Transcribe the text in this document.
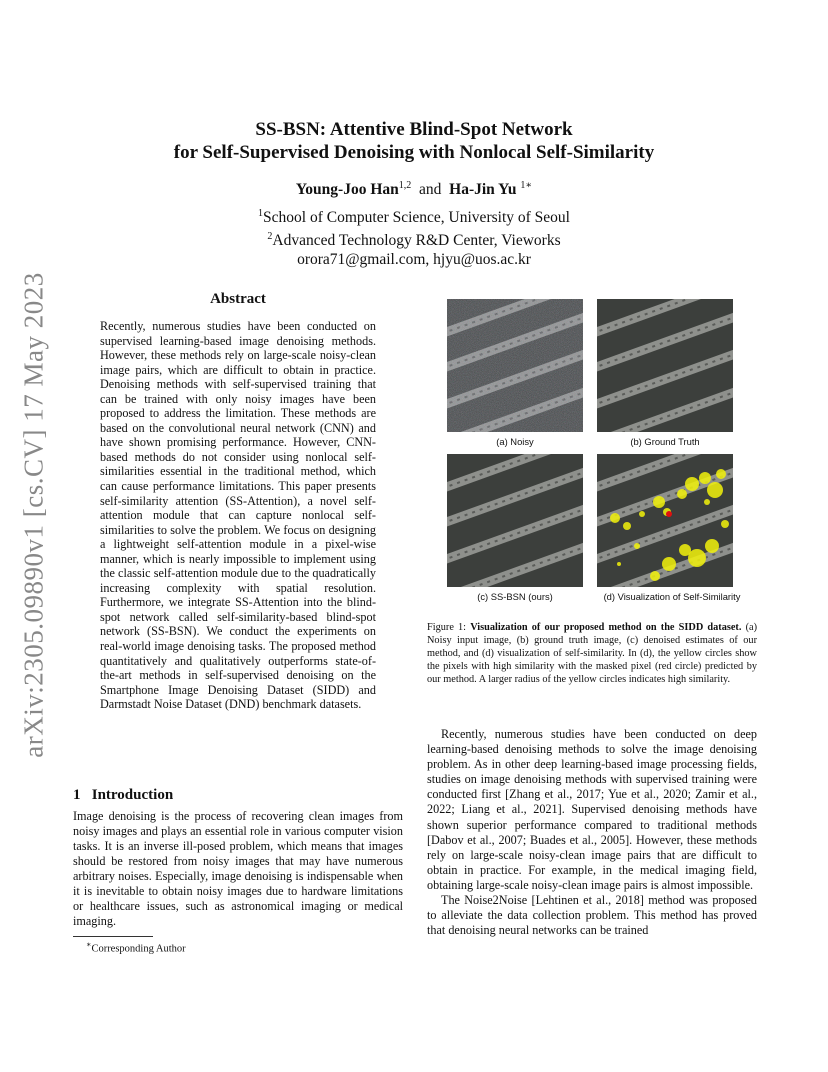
arXiv:2305.09890v1 [cs.CV] 17 May 2023
SS-BSN: Attentive Blind-Spot Network
for Self-Supervised Denoising with Nonlocal Self-Similarity
Young-Joo Han$^{1,2}$ and Ha-Jin Yu $^{1∗}$
$^1$School of Computer Science, University of Seoul
$^2$Advanced Technology R&D Center, Vieworks
orora71@gmail.com, hjyu@uos.ac.kr
Abstract
Recently, numerous studies have been conducted on supervised learning-based image denoising methods. However, these methods rely on large-scale noisy-clean image pairs, which are difficult to obtain in practice. Denoising methods with self-supervised training that can be trained with only noisy images have been proposed to address the limitation. These methods are based on the convolutional neural network (CNN) and have shown promising performance. However, CNN-based methods do not consider using nonlocal self-similarities essential in the traditional method, which can cause performance limitations. This paper presents self-similarity attention (SS-Attention), a novel self-attention module that can capture nonlocal self-similarities to solve the problem. We focus on designing a lightweight self-attention module in a pixel-wise manner, which is nearly impossible to implement using the classic self-attention module due to the quadratically increasing complexity with spatial resolution. Furthermore, we integrate SS-Attention into the blind-spot network called self-similarity-based blind-spot network (SS-BSN). We conduct the experiments on real-world image denoising tasks. The proposed method quantitatively and qualitatively outperforms state-of-the-art methods in self-supervised denoising on the Smartphone Image Denoising Dataset (SIDD) and Darmstadt Noise Dataset (DND) benchmark datasets.
1 Introduction
Image denoising is the process of recovering clean images from noisy images and plays an essential role in various computer vision tasks. It is an inverse ill-posed problem, which means that images should be restored from noisy images that may have numerous arbitrary noises. Especially, image denoising is indispensable when it is inevitable to obtain noisy images due to hardware limitations or healthcare issues, such as astronomical imaging or medical imaging.
∗Corresponding Author
(a) Noisy	(b) Ground Truth
(c) SS-BSN (ours)	(d) Visualization of Self-Similarity
Figure 1: Visualization of our proposed method on the SIDD dataset. (a) Noisy input image, (b) ground truth image, (c) denoised estimates of our method, and (d) visualization of self-similarity. In (d), the yellow circles show the pixels with high similarity with the masked pixel (red circle) predicted by our method. A larger radius of the yellow circles indicates high similarity.

Recently, numerous studies have been conducted on deep learning-based denoising methods to solve the image denoising problem. As in other deep learning-based image processing fields, studies on image denoising methods with supervised training were conducted first [Zhang et al., 2017; Yue et al., 2020; Zamir et al., 2022; Liang et al., 2021]. Supervised denoising methods have shown superior performance compared to traditional methods [Dabov et al., 2007; Buades et al., 2005]. However, these methods rely on large-scale noisy-clean image pairs that are difficult to obtain in practice. For example, in the medical imaging field, obtaining large-scale noisy-clean image pairs is almost impossible.

The Noise2Noise [Lehtinen et al., 2018] method was proposed to alleviate the data collection problem. This method has proved that denoising neural networks can be trained
